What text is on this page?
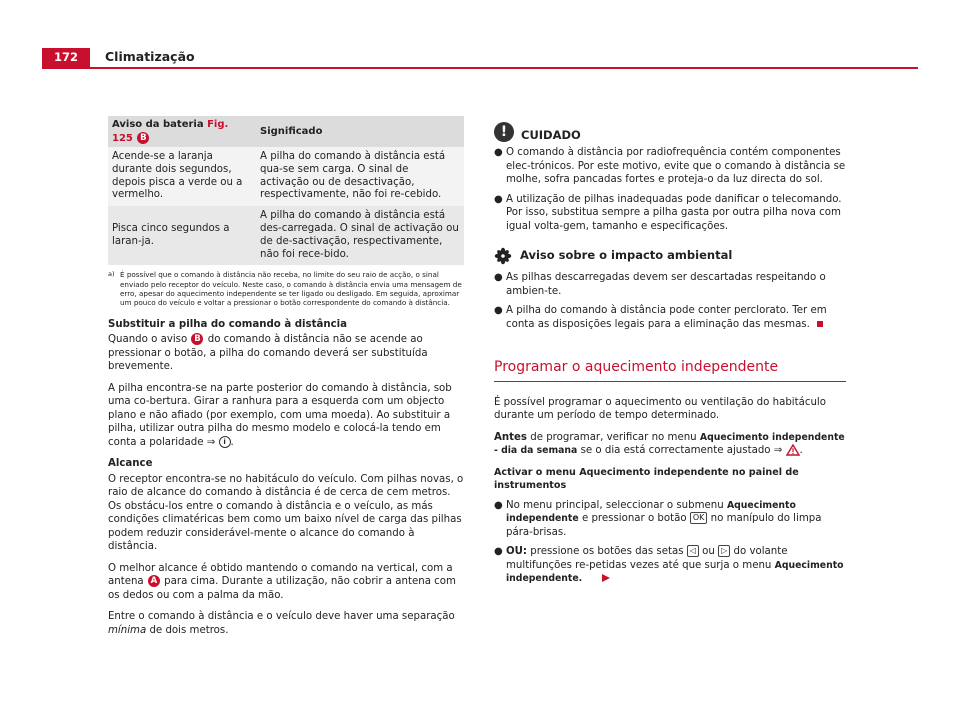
172	Climatização
Aviso da bateria Fig. 125 B	Significado
Acende-se a laranja durante dois segundos, depois pisca a verde ou a vermelho.	A pilha do comando à distância está qua-se sem carga. O sinal de activação ou de desactivação, respectivamente, não foi re-cebido.
Pisca cinco segundos a laran-ja.	A pilha do comando à distância está des-carregada. O sinal de activação ou de de-sactivação, respectivamente, não foi rece-bido.
a) É possível que o comando à distância não receba, no limite do seu raio de acção, o sinal enviado pelo receptor do veículo. Neste caso, o comando à distância envia uma mensagem de erro, apesar do aquecimento independente se ter ligado ou desligado. Em seguida, aproximar um pouco do veículo e voltar a pressionar o botão correspondente do comando à distância.
Substituir a pilha do comando à distância

Quando o aviso B do comando à distância não se acende ao pressionar o botão, a pilha do comando deverá ser substituída brevemente.

A pilha encontra-se na parte posterior do comando à distância, sob uma co-bertura. Girar a ranhura para a esquerda com um objecto plano e não afiado (por exemplo, com uma moeda). Ao substituir a pilha, utilizar outra pilha do mesmo modelo e colocá-la tendo em conta a polaridade ⇒ i .

Alcance

O receptor encontra-se no habitáculo do veículo. Com pilhas novas, o raio de alcance do comando à distância é de cerca de cem metros. Os obstácu-los entre o comando à distância e o veículo, as más condições climatéricas bem como um baixo nível de carga das pilhas podem reduzir considerável-mente o alcance do comando à distância.

O melhor alcance é obtido mantendo o comando na vertical, com a antena A para cima. Durante a utilização, não cobrir a antena com os dedos ou com a palma da mão.

Entre o comando à distância e o veículo deve haver uma separação mínima de dois metros.

!	CUIDADO
● O comando à distância por radiofrequência contém componentes elec-trónicos. Por este motivo, evite que o comando à distância se molhe, sofra pancadas fortes e proteja-o da luz directa do sol.
● A utilização de pilhas inadequadas pode danificar o telecomando. Por isso, substitua sempre a pilha gasta por outra pilha nova com igual volta-gem, tamanho e especificações.
Aviso sobre o impacto ambiental
● As pilhas descarregadas devem ser descartadas respeitando o ambien-te.
● A pilha do comando à distância pode conter perclorato. Ter em conta as disposições legais para a eliminação das mesmas.
Programar o aquecimento independente

É possível programar o aquecimento ou ventilação do habitáculo durante um período de tempo determinado.

Antes de programar, verificar no menu Aquecimento independente - dia da semana se o dia está correctamente ajustado ⇒ .

Activar o menu Aquecimento independente no painel de instrumentos
● No menu principal, seleccionar o submenu Aquecimento independente e pressionar o botão OK no manípulo do limpa pára-brisas.
● OU: pressione os botões das setas ◁ ou ▷ do volante multifunções re-petidas vezes até que surja o menu Aquecimento independente.
